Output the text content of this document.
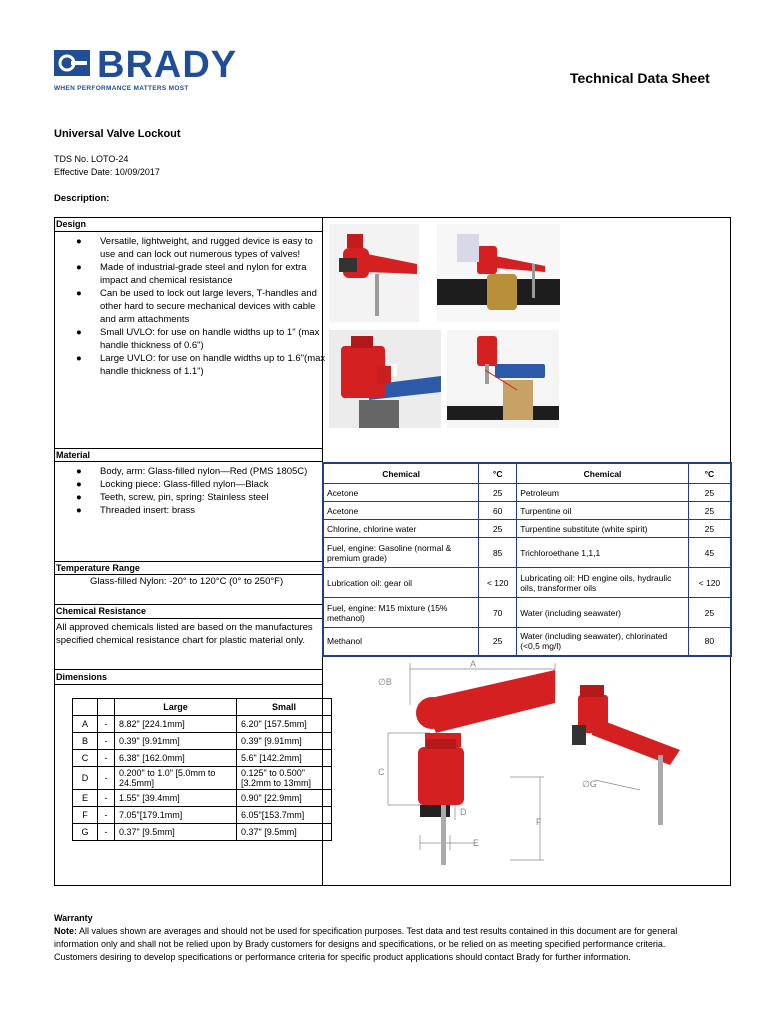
BRADY
WHEN PERFORMANCE MATTERS MOST
Technical Data Sheet
Universal Valve Lockout
TDS No. LOTO-24
Effective Date: 10/09/2017
Description:
Design
● Versatile, lightweight, and rugged device is easy to use and can lock out numerous types of valves!
● Made of industrial-grade steel and nylon for extra impact and chemical resistance
● Can be used to lock out large levers, T-handles and other hard to secure mechanical devices with cable and arm attachments
● Small UVLO: for use on handle widths up to 1" (max handle thickness of 0.6")
● Large UVLO: for use on handle widths up to 1.6"(max handle thickness of 1.1")
Material
● Body, arm: Glass-filled nylon—Red (PMS 1805C)
● Locking piece: Glass-filled nylon—Black
● Teeth, screw, pin, spring: Stainless steel
● Threaded insert: brass
Temperature Range
Glass-filled Nylon: -20° to 120°C (0° to 250°F)
Chemical Resistance
All approved chemicals listed are based on the manufactures specified chemical resistance chart for plastic material only.
Dimensions
		Large	Small
A	-	8.82" [224.1mm]	6.20" [157.5mm]
B	-	0.39" [9.91mm]	0.39" [9.91mm]
C	-	6.38" [162.0mm]	5.6" [142.2mm]
D	-	0.200" to 1.0" [5.0mm to 24.5mm]	0.125" to 0.500" [3.2mm to 13mm]
E	-	1.55" [39.4mm]	0.90" [22.9mm]
F	-	7.05"[179.1mm]	6.05"[153.7mm]
G	-	0.37" [9.5mm]	0.37" [9.5mm]
Chemical	°C	Chemical	°C
Acetone	25	Petroleum	25
Acetone	60	Turpentine oil	25
Chlorine, chlorine water	25	Turpentine substitute (white spirit)	25
Fuel, engine: Gasoline (normal & premium grade)	85	Trichloroethane 1,1,1	45
Lubrication oil: gear oil	< 120	Lubricating oil: HD engine oils, hydraulic oils, transformer oils	< 120
Fuel, engine: M15 mixture (15% methanol)	70	Water (including seawater)	25
Methanol	25	Water (including seawater), chlorinated (<0,5 mg/l)	80
A
∅B
C
D
E
F
∅G
Warranty
Note: All values shown are averages and should not be used for specification purposes. Test data and test results contained in this document are for general information only and shall not be relied upon by Brady customers for designs and specifications, or be relied on as meeting specified performance criteria. Customers desiring to develop specifications or performance criteria for specific product applications should contact Brady for further information.
